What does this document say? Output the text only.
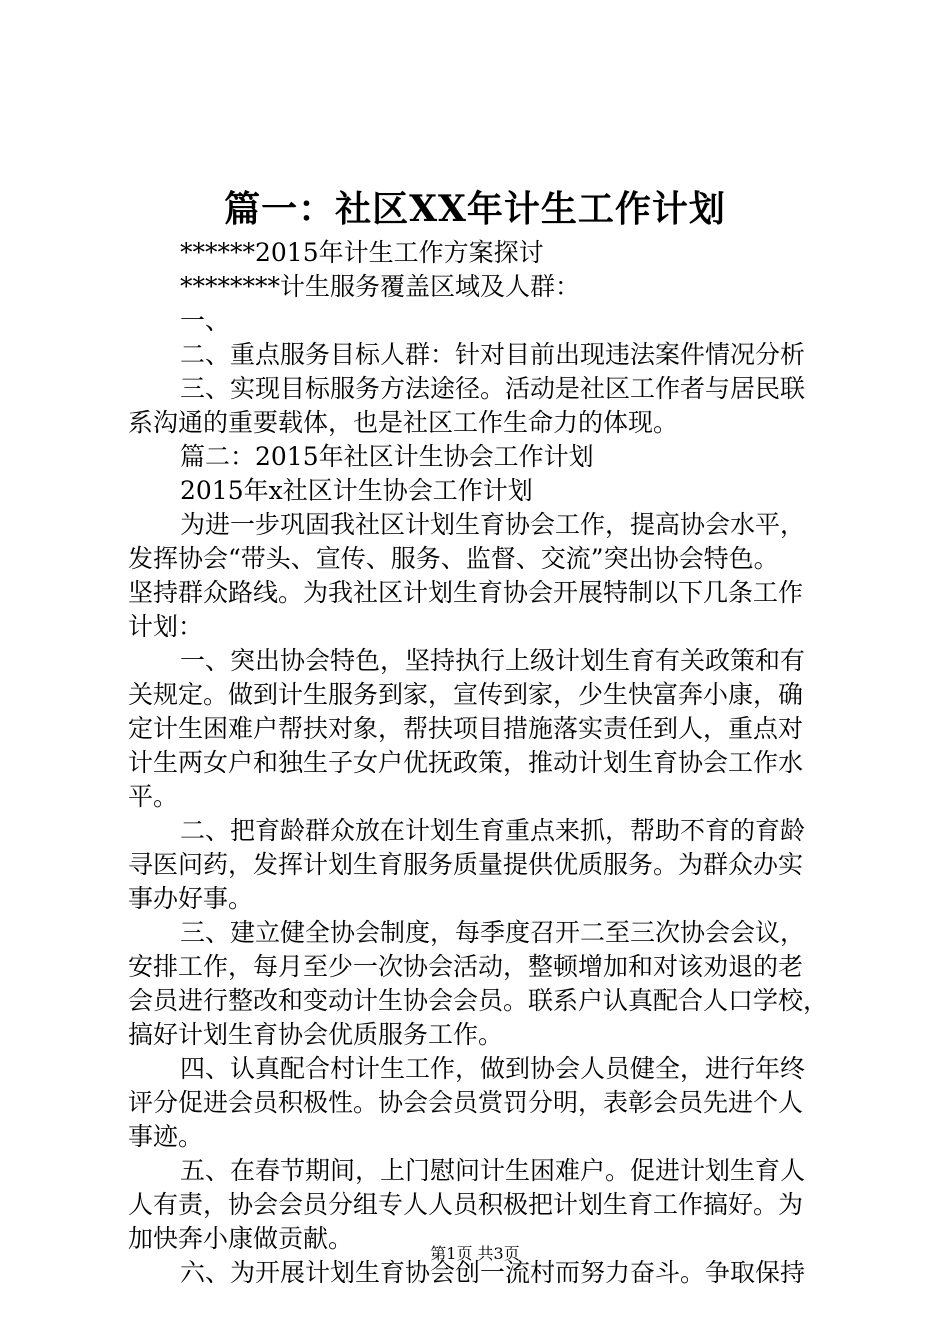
篇一：社区XX年计生工作计划
******2015年计生工作方案探讨
********计生服务覆盖区域及人群：
一、
二、重点服务目标人群：针对目前出现违法案件情况分析
三、实现目标服务方法途径。活动是社区工作者与居民联
系沟通的重要载体，也是社区工作生命力的体现。
篇二：2015年社区计生协会工作计划
2015年x社区计生协会工作计划
为进一步巩固我社区计划生育协会工作，提高协会水平，
发挥协会“带头、宣传、服务、监督、交流”突出协会特色。
坚持群众路线。为我社区计划生育协会开展特制以下几条工作
计划：
一、突出协会特色，坚持执行上级计划生育有关政策和有
关规定。做到计生服务到家，宣传到家，少生快富奔小康，确
定计生困难户帮扶对象，帮扶项目措施落实责任到人，重点对
计生两女户和独生子女户优抚政策，推动计划生育协会工作水
平。
二、把育龄群众放在计划生育重点来抓，帮助不育的育龄
寻医问药，发挥计划生育服务质量提供优质服务。为群众办实
事办好事。
三、建立健全协会制度，每季度召开二至三次协会会议，
安排工作，每月至少一次协会活动，整顿增加和对该劝退的老
会员进行整改和变动计生协会会员。联系户认真配合人口学校，
搞好计划生育协会优质服务工作。
四、认真配合村计生工作，做到协会人员健全，进行年终
评分促进会员积极性。协会会员赏罚分明，表彰会员先进个人
事迹。
五、在春节期间，上门慰问计生困难户。促进计划生育人
人有责，协会会员分组专人人员积极把计划生育工作搞好。为
加快奔小康做贡献。
六、为开展计划生育协会创一流村而努力奋斗。争取保持
第1页 共3页
